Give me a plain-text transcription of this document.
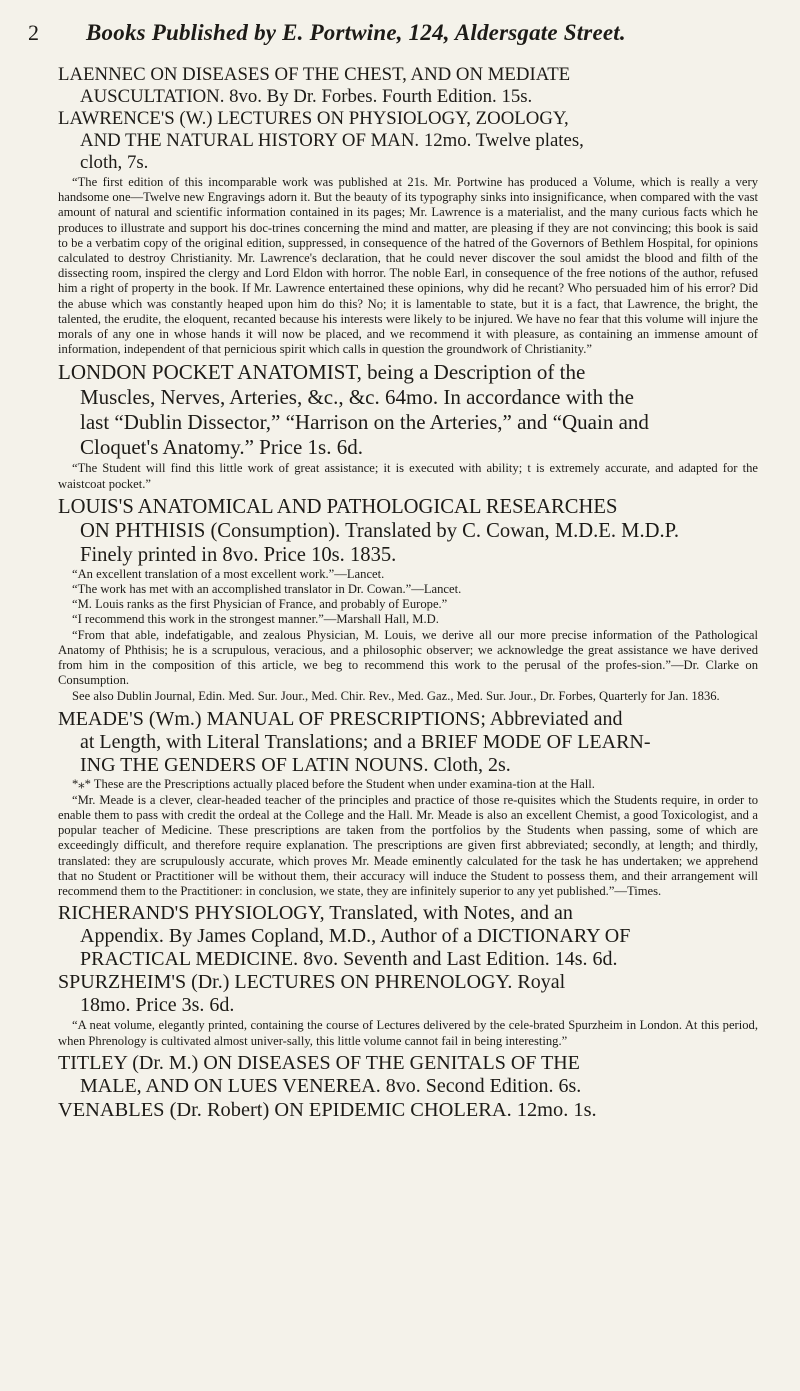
2	Books Published by E. Portwine, 124, Aldersgate Street.
LAENNEC ON DISEASES OF THE CHEST, AND ON MEDIATE
AUSCULTATION. 8vo. By Dr. Forbes. Fourth Edition. 15s.
LAWRENCE'S (W.) LECTURES ON PHYSIOLOGY, ZOOLOGY,
AND THE NATURAL HISTORY OF MAN. 12mo. Twelve plates,
cloth, 7s.

“The first edition of this incomparable work was published at 21s. Mr. Portwine has produced a Volume, which is really a very handsome one—Twelve new Engravings adorn it. But the beauty of its typography sinks into insignificance, when compared with the vast amount of natural and scientific information contained in its pages; Mr. Lawrence is a materialist, and the many curious facts which he produces to illustrate and support his doc-trines concerning the mind and matter, are pleasing if they are not convincing; this book is said to be a verbatim copy of the original edition, suppressed, in consequence of the hatred of the Governors of Bethlem Hospital, for opinions calculated to destroy Christianity. Mr. Lawrence's declaration, that he could never discover the soul amidst the blood and filth of the dissecting room, inspired the clergy and Lord Eldon with horror. The noble Earl, in consequence of the free notions of the author, refused him a right of property in the book. If Mr. Lawrence entertained these opinions, why did he recant? Who persuaded him of his error? Did the abuse which was constantly heaped upon him do this? No; it is lamentable to state, but it is a fact, that Lawrence, the bright, the talented, the erudite, the eloquent, recanted because his interests were likely to be injured. We have no fear that this volume will injure the morals of any one in whose hands it will now be placed, and we recommend it with pleasure, as containing an immense amount of information, independent of that pernicious spirit which calls in question the groundwork of Christianity.”

LONDON POCKET ANATOMIST, being a Description of the
Muscles, Nerves, Arteries, &c., &c. 64mo. In accordance with the
last “Dublin Dissector,” “Harrison on the Arteries,” and “Quain and
Cloquet's Anatomy.” Price 1s. 6d.

“The Student will find this little work of great assistance; it is executed with ability; t is extremely accurate, and adapted for the waistcoat pocket.”

LOUIS'S ANATOMICAL AND PATHOLOGICAL RESEARCHES
ON PHTHISIS (Consumption). Translated by C. Cowan, M.D.E. M.D.P.
Finely printed in 8vo. Price 10s. 1835.

“An excellent translation of a most excellent work.”—Lancet.

“The work has met with an accomplished translator in Dr. Cowan.”—Lancet.

“M. Louis ranks as the first Physician of France, and probably of Europe.”

“I recommend this work in the strongest manner.”—Marshall Hall, M.D.

“From that able, indefatigable, and zealous Physician, M. Louis, we derive all our more precise information of the Pathological Anatomy of Phthisis; he is a scrupulous, veracious, and a philosophic observer; we acknowledge the great assistance we have derived from him in the composition of this article, we beg to recommend this work to the perusal of the profes-sion.”—Dr. Clarke on Consumption.

See also Dublin Journal, Edin. Med. Sur. Jour., Med. Chir. Rev., Med. Gaz., Med. Sur. Jour., Dr. Forbes, Quarterly for Jan. 1836.

MEADE'S (Wm.) MANUAL OF PRESCRIPTIONS; Abbreviated and
at Length, with Literal Translations; and a BRIEF MODE OF LEARN-
ING THE GENDERS OF LATIN NOUNS. Cloth, 2s.

*⁎* These are the Prescriptions actually placed before the Student when under examina-tion at the Hall.

“Mr. Meade is a clever, clear-headed teacher of the principles and practice of those re-quisites which the Students require, in order to enable them to pass with credit the ordeal at the College and the Hall. Mr. Meade is also an excellent Chemist, a good Toxicologist, and a popular teacher of Medicine. These prescriptions are taken from the portfolios by the Students when passing, some of which are exceedingly difficult, and therefore require explanation. The prescriptions are given first abbreviated; secondly, at length; and thirdly, translated: they are scrupulously accurate, which proves Mr. Meade eminently calculated for the task he has undertaken; we apprehend that no Student or Practitioner will be without them, their accuracy will induce the Student to possess them, and their arrangement will recommend them to the Practitioner: in conclusion, we state, they are infinitely superior to any yet published.”—Times.

RICHERAND'S PHYSIOLOGY, Translated, with Notes, and an
Appendix. By James Copland, M.D., Author of a DICTIONARY OF
PRACTICAL MEDICINE. 8vo. Seventh and Last Edition. 14s. 6d.
SPURZHEIM'S (Dr.) LECTURES ON PHRENOLOGY. Royal
18mo. Price 3s. 6d.

“A neat volume, elegantly printed, containing the course of Lectures delivered by the cele-brated Spurzheim in London. At this period, when Phrenology is cultivated almost univer-sally, this little volume cannot fail in being interesting.”

TITLEY (Dr. M.) ON DISEASES OF THE GENITALS OF THE
MALE, AND ON LUES VENEREA. 8vo. Second Edition. 6s.
VENABLES (Dr. Robert) ON EPIDEMIC CHOLERA. 12mo. 1s.
